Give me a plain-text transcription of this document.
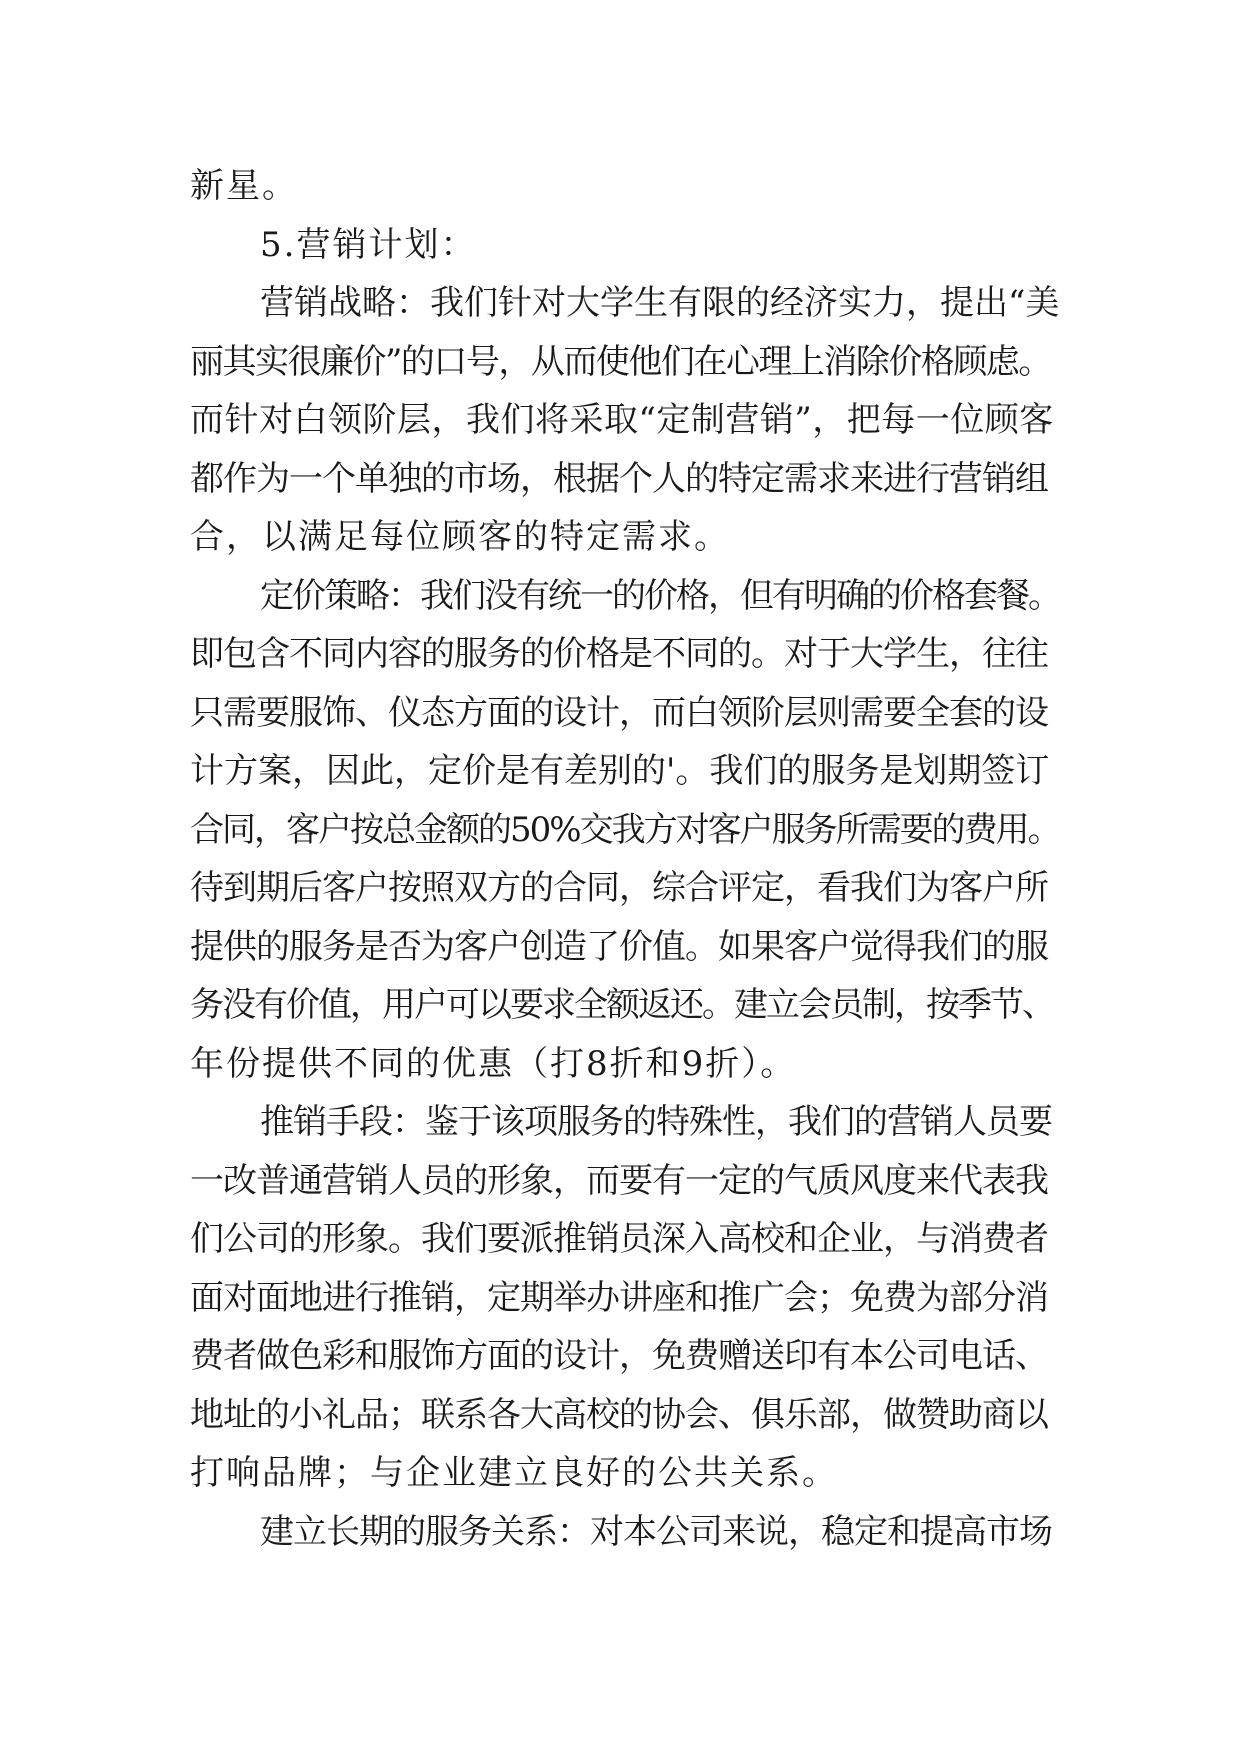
新星。
5.营销计划：
营销战略：我们针对大学生有限的经济实力，提出“美
丽其实很廉价”的口号，从而使他们在心理上消除价格顾虑。
而针对白领阶层，我们将采取“定制营销”，把每一位顾客
都作为一个单独的市场，根据个人的特定需求来进行营销组
合，以满足每位顾客的特定需求。
定价策略：我们没有统一的价格，但有明确的价格套餐。
即包含不同内容的服务的价格是不同的。对于大学生，往往
只需要服饰、仪态方面的设计，而白领阶层则需要全套的设
计方案，因此，定价是有差别的'。我们的服务是划期签订
合同，客户按总金额的50%交我方对客户服务所需要的费用。
待到期后客户按照双方的合同，综合评定，看我们为客户所
提供的服务是否为客户创造了价值。如果客户觉得我们的服
务没有价值，用户可以要求全额返还。建立会员制，按季节、
年份提供不同的优惠（打8折和9折）。
推销手段：鉴于该项服务的特殊性，我们的营销人员要
一改普通营销人员的形象，而要有一定的气质风度来代表我
们公司的形象。我们要派推销员深入高校和企业，与消费者
面对面地进行推销，定期举办讲座和推广会；免费为部分消
费者做色彩和服饰方面的设计，免费赠送印有本公司电话、
地址的小礼品；联系各大高校的协会、俱乐部，做赞助商以
打响品牌；与企业建立良好的公共关系。
建立长期的服务关系：对本公司来说，稳定和提高市场
